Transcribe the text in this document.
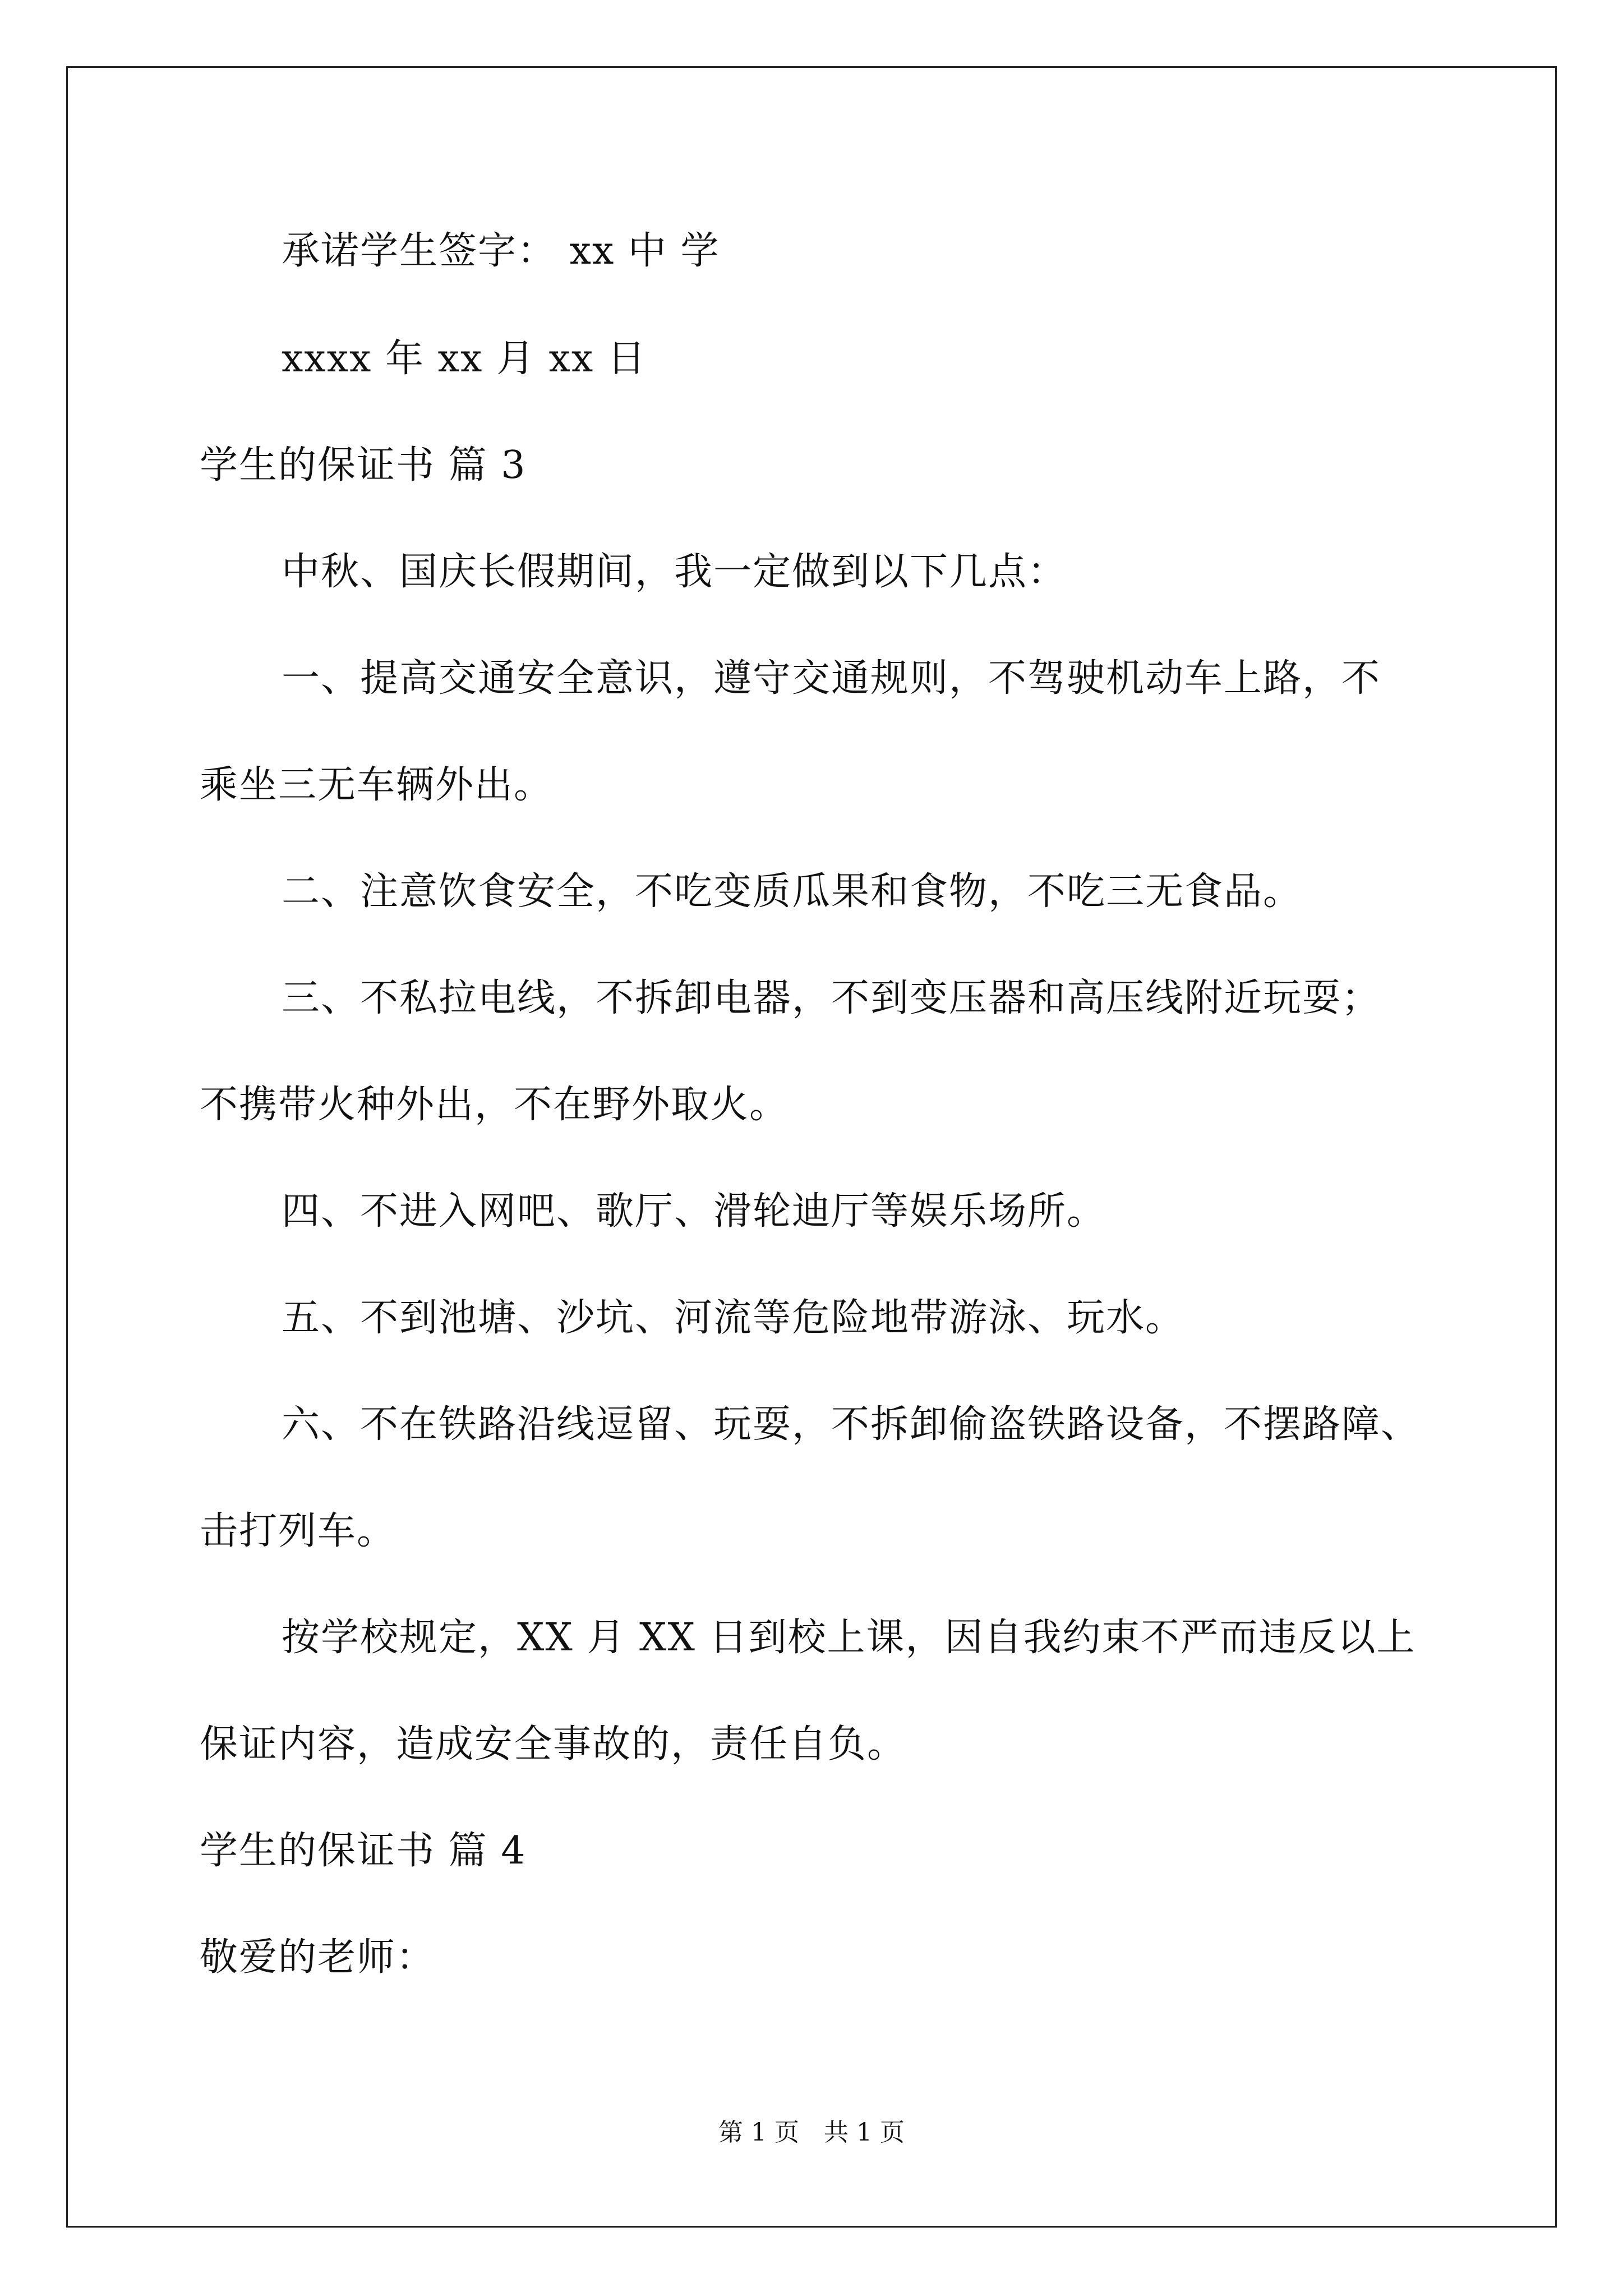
承诺学生签字： xx 中 学
xxxx 年 xx 月 xx 日
学生的保证书 篇 3
中秋、国庆长假期间，我一定做到以下几点：
一、提高交通安全意识，遵守交通规则，不驾驶机动车上路，不
乘坐三无车辆外出。
二、注意饮食安全，不吃变质瓜果和食物，不吃三无食品。
三、不私拉电线，不拆卸电器，不到变压器和高压线附近玩耍；
不携带火种外出，不在野外取火。
四、不进入网吧、歌厅、滑轮迪厅等娱乐场所。
五、不到池塘、沙坑、河流等危险地带游泳、玩水。
六、不在铁路沿线逗留、玩耍，不拆卸偷盗铁路设备，不摆路障、
击打列车。
按学校规定，XX 月 XX 日到校上课，因自我约束不严而违反以上
保证内容，造成安全事故的，责任自负。
学生的保证书 篇 4
敬爱的老师：
第 1 页　共 1 页
